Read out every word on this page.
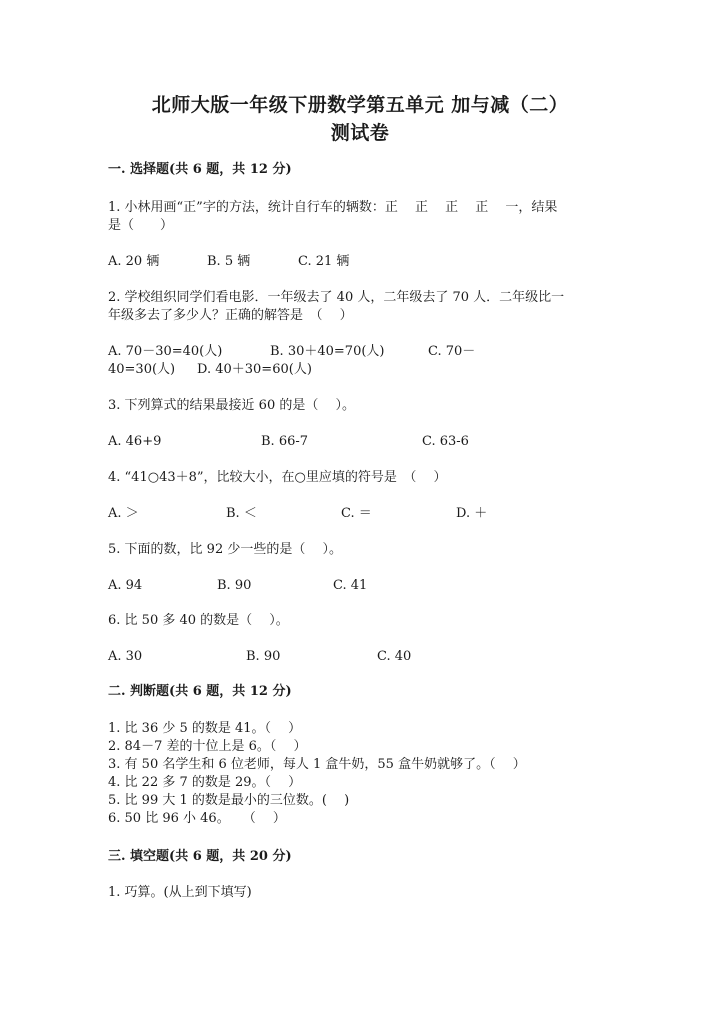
北师大版一年级下册数学第五单元 加与减（二）
测试卷
一. 选择题(共 6 题，共 12 分)
1. 小林用画“正”字的方法，统计自行车的辆数：正　 正　 正　 正　 一，结果
是（　　）
A. 20 辆	B. 5 辆	C. 21 辆
2. 学校组织同学们看电影．一年级去了 40 人，二年级去了 70 人．二年级比一
年级多去了多少人？正确的解答是　（　 ）
A. 70－30=40(人)	B. 30＋40=70(人)	C. 70－
40=30(人) D. 40＋30=60(人)
3. 下列算式的结果最接近 60 的是（　 ）。
A. 46+9	B. 66-7	C. 63-6
4. “41○43＋8”，比较大小，在○里应填的符号是　（　 ）
A. ＞	B. ＜	C. ＝	D. ＋
5. 下面的数，比 92 少一些的是（　 ）。
A. 94	B. 90	C. 41
6. 比 50 多 40 的数是（　 ）。
A. 30	B. 90	C. 40
二. 判断题(共 6 题，共 12 分)
1. 比 36 少 5 的数是 41。（　 ）
2. 84－7 差的十位上是 6。（　 ）
3. 有 50 名学生和 6 位老师，每人 1 盒牛奶，55 盒牛奶就够了。（　 ）
4. 比 22 多 7 的数是 29。（　 ）
5. 比 99 大 1 的数是最小的三位数。(　 )
6. 50 比 96 小 46。　　（　 ）
三. 填空题(共 6 题，共 20 分)
1. 巧算。(从上到下填写)
